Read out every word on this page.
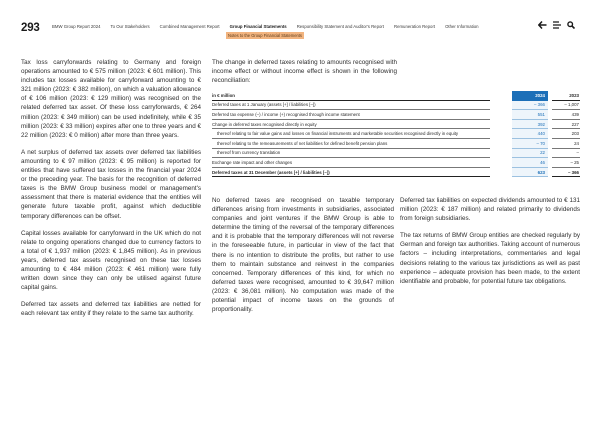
293	BMW Group Report 2024 To Our Stakeholders Combined Management Report Group Financial Statements Responsibility Statement and Auditor's Report Remuneration Report Other Information
Notes to the Group Financial Statements

Tax loss carryforwards relating to Germany and foreign operations amounted to € 575 million (2023: € 601 million). This includes tax losses available for carryforward amounting to € 321 million (2023: € 382 million), on which a valuation allowance of € 106 million (2023: € 129 million) was recognised on the related deferred tax asset. Of these loss carryforwards, € 264 million (2023: € 349 million) can be used indefinitely, while € 35 million (2023: € 33 million) expires after one to three years and € 22 million (2023: € 0 million) after more than three years.

A net surplus of deferred tax assets over deferred tax liabilities amounting to € 97 million (2023: € 95 million) is reported for entities that have suffered tax losses in the financial year 2024 or the preceding year. The basis for the recognition of deferred taxes is the BMW Group business model or management's assessment that there is material evidence that the entities will generate future taxable profit, against which deductible temporary differences can be offset.

Capital losses available for carryforward in the UK which do not relate to ongoing operations changed due to currency factors to a total of € 1,937 million (2023: € 1,845 million). As in previous years, deferred tax assets recognised on these tax losses amounting to € 484 million (2023: € 461 million) were fully written down since they can only be utilised against future capital gains.

Deferred tax assets and deferred tax liabilities are netted for each relevant tax entity if they relate to the same tax authority.

The change in deferred taxes relating to amounts recognised with income effect or without income effect is shown in the following reconciliation:

in € million	2024	2023
Deferred taxes at 1 January (assets [+] / liabilities [–])	– 366	– 1,007
Deferred tax expense (–) / income (+) recognised through income statement	551	439
Change in deferred taxes recognised directly in equity	392	227
thereof relating to fair value gains and losses on financial instruments and marketable securities recognised directly in equity	440	203
thereof relating to the remeasurements of net liabilities for defined benefit pension plans	– 70	24
thereof from currency translation	22	–
Exchange rate impact and other changes	46	– 25
Deferred taxes at 31 December (assets [+] / liabilities [–])	623	– 366

No deferred taxes are recognised on taxable temporary differences arising from investments in subsidiaries, associated companies and joint ventures if the BMW Group is able to determine the timing of the reversal of the temporary differences and it is probable that the temporary differences will not reverse in the foreseeable future, in particular in view of the fact that there is no intention to distribute the profits, but rather to use them to maintain substance and reinvest in the companies concerned. Temporary differences of this kind, for which no deferred taxes were recognised, amounted to € 39,647 million (2023: € 36,081 million). No computation was made of the potential impact of income taxes on the grounds of proportionality.

Deferred tax liabilities on expected dividends amounted to € 131 million (2023: € 187 million) and related primarily to dividends from foreign subsidiaries.

The tax returns of BMW Group entities are checked regularly by German and foreign tax authorities. Taking account of numerous factors – including interpretations, commentaries and legal decisions relating to the various tax jurisdictions as well as past experience – adequate provision has been made, to the extent identifiable and probable, for potential future tax obligations.
